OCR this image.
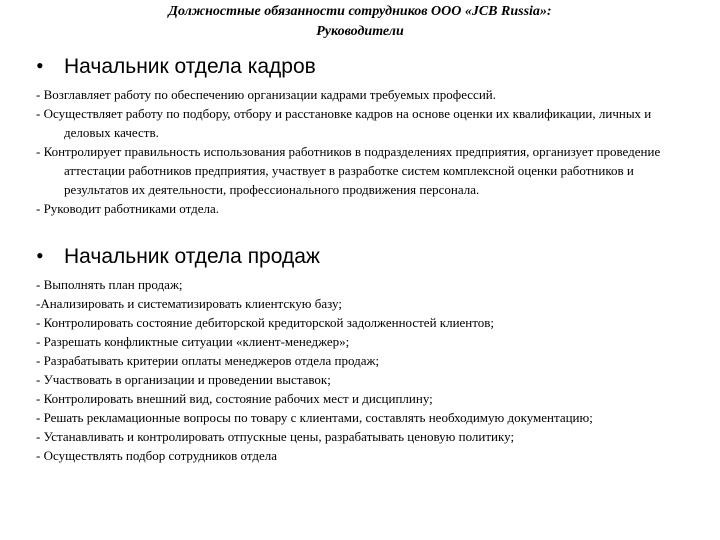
Должностные обязанности сотрудников ООО «JCB Russia»:
Руководители
• Начальник отдела кадров
- Возглавляет работу по обеспечению организации кадрами требуемых профессий.
- Осуществляет работу по подбору, отбору и расстановке кадров на основе оценки их квалификации, личных и деловых качеств.
- Контролирует правильность использования работников в подразделениях предприятия, организует проведение аттестации работников предприятия, участвует в разработке систем комплексной оценки работников и результатов их деятельности, профессионального продвижения персонала.
- Руководит работниками отдела.
• Начальник отдела продаж
- Выполнять план продаж;
-Анализировать и систематизировать клиентскую базу;
- Контролировать состояние дебиторской кредиторской задолженностей клиентов;
- Разрешать конфликтные ситуации «клиент-менеджер»;
- Разрабатывать критерии оплаты менеджеров отдела продаж;
- Участвовать в организации и проведении выставок;
- Контролировать внешний вид, состояние рабочих мест и дисциплину;
- Решать рекламационные вопросы по товару с клиентами, составлять необходимую документацию;
- Устанавливать и контролировать отпускные цены, разрабатывать ценовую политику;
- Осуществлять подбор сотрудников отдела
